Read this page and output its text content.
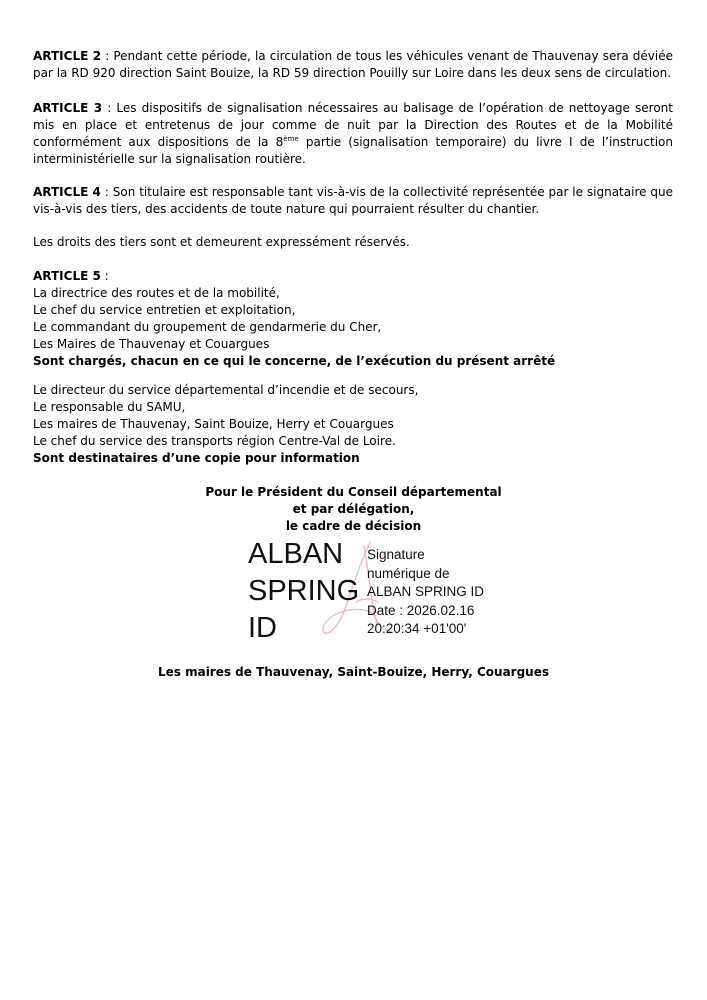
ARTICLE 2 : Pendant cette période, la circulation de tous les véhicules venant de Thauvenay sera déviée par la RD 920 direction Saint Bouize, la RD 59 direction Pouilly sur Loire dans les deux sens de circulation.
ARTICLE 3 : Les dispositifs de signalisation nécessaires au balisage de l’opération de nettoyage seront mis en place et entretenus de jour comme de nuit par la Direction des Routes et de la Mobilité conformément aux dispositions de la 8ème partie (signalisation temporaire) du livre I de l’instruction interministérielle sur la signalisation routière.
ARTICLE 4 : Son titulaire est responsable tant vis-à-vis de la collectivité représentée par le signataire que vis-à-vis des tiers, des accidents de toute nature qui pourraient résulter du chantier.
Les droits des tiers sont et demeurent expressément réservés.
ARTICLE 5 :
La directrice des routes et de la mobilité,
Le chef du service entretien et exploitation,
Le commandant du groupement de gendarmerie du Cher,
Les Maires de Thauvenay et Couargues
Sont chargés, chacun en ce qui le concerne, de l’exécution du présent arrêté
Le directeur du service départemental d’incendie et de secours,
Le responsable du SAMU,
Les maires de Thauvenay, Saint Bouize, Herry et Couargues
Le chef du service des transports région Centre-Val de Loire.
Sont destinataires d’une copie pour information
Pour le Président du Conseil départemental
et par délégation,
le cadre de décision
ALBAN
SPRING
ID
Signature
numérique de
ALBAN SPRING ID
Date : 2026.02.16
20:20:34 +01'00'
Les maires de Thauvenay, Saint-Bouize, Herry, Couargues
